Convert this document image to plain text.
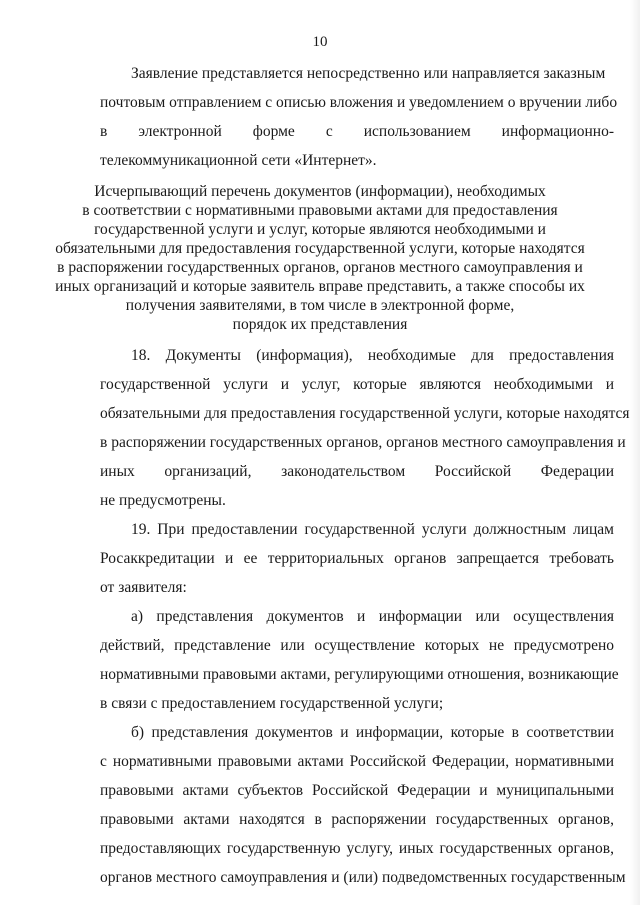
10
Заявление представляется непосредственно или направляется заказным
почтовым отправлением с описью вложения и уведомлением о вручении либо
в электронной форме с использованием информационно-
телекоммуникационной сети «Интернет».
Исчерпывающий перечень документов (информации), необходимых
в соответствии с нормативными правовыми актами для предоставления
государственной услуги и услуг, которые являются необходимыми и
обязательными для предоставления государственной услуги, которые находятся
в распоряжении государственных органов, органов местного самоуправления и
иных организаций и которые заявитель вправе представить, а также способы их
получения заявителями, в том числе в электронной форме,
порядок их представления
18. Документы (информация), необходимые для предоставления
государственной услуги и услуг, которые являются необходимыми и
обязательными для предоставления государственной услуги, которые находятся
в распоряжении государственных органов, органов местного самоуправления и
иных организаций, законодательством Российской Федерации
не предусмотрены.
19. При предоставлении государственной услуги должностным лицам
Росаккредитации и ее территориальных органов запрещается требовать
от заявителя:
а) представления документов и информации или осуществления
действий, представление или осуществление которых не предусмотрено
нормативными правовыми актами, регулирующими отношения, возникающие
в связи с предоставлением государственной услуги;
б) представления документов и информации, которые в соответствии
с нормативными правовыми актами Российской Федерации, нормативными
правовыми актами субъектов Российской Федерации и муниципальными
правовыми актами находятся в распоряжении государственных органов,
предоставляющих государственную услугу, иных государственных органов,
органов местного самоуправления и (или) подведомственных государственным
